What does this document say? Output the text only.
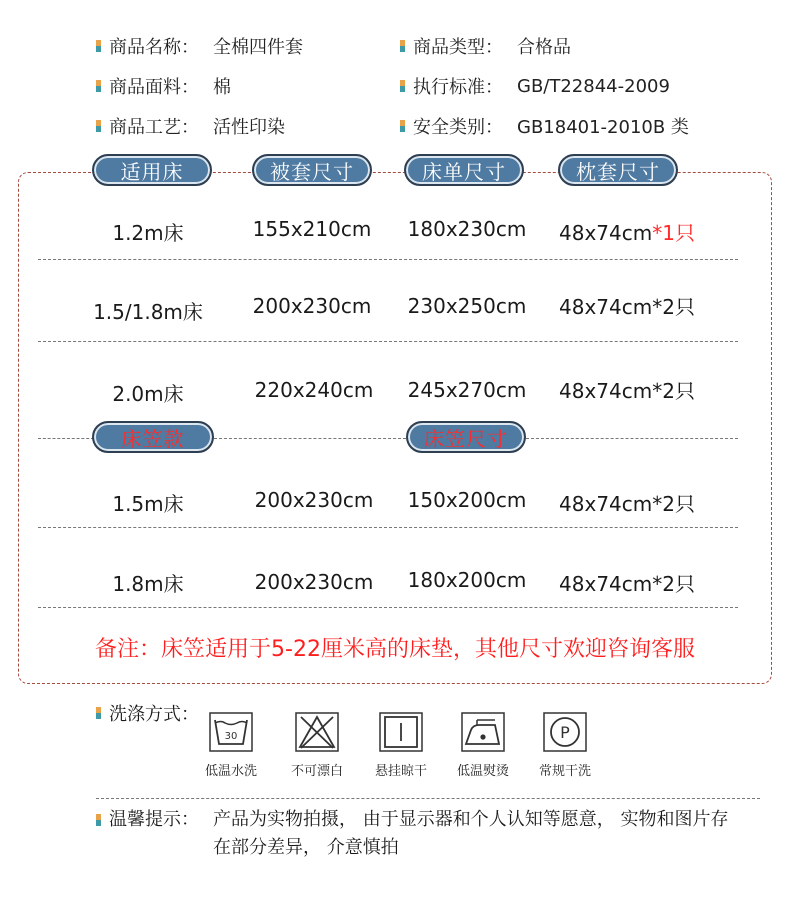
商品名称： 全棉四件套
商品面料： 棉
商品工艺： 活性印染
商品类型： 合格品
执行标准： GB/T22844-2009
安全类别： GB18401-2010B 类
适用床	被套尺寸	床单尺寸	枕套尺寸
1.2m床	155x210cm 180x230cm 48x74cm*1只
1.5/1.8m床 200x230cm 230x250cm 48x74cm*2只
2.0m床	220x240cm 245x270cm 48x74cm*2只
床笠款	床笠尺寸
1.5m床	200x230cm 150x200cm 48x74cm*2只
1.8m床	200x230cm 180x200cm 48x74cm*2只
备注：床笠适用于5-22厘米高的床垫，其他尺寸欢迎咨询客服
洗涤方式：
30
低温水洗	不可漂白	悬挂晾干	低温熨烫
P
常规干洗
温馨提示： 产品为实物拍摄， 由于显示器和个人认知等愿意， 实物和图片存在部分差异， 介意慎拍
